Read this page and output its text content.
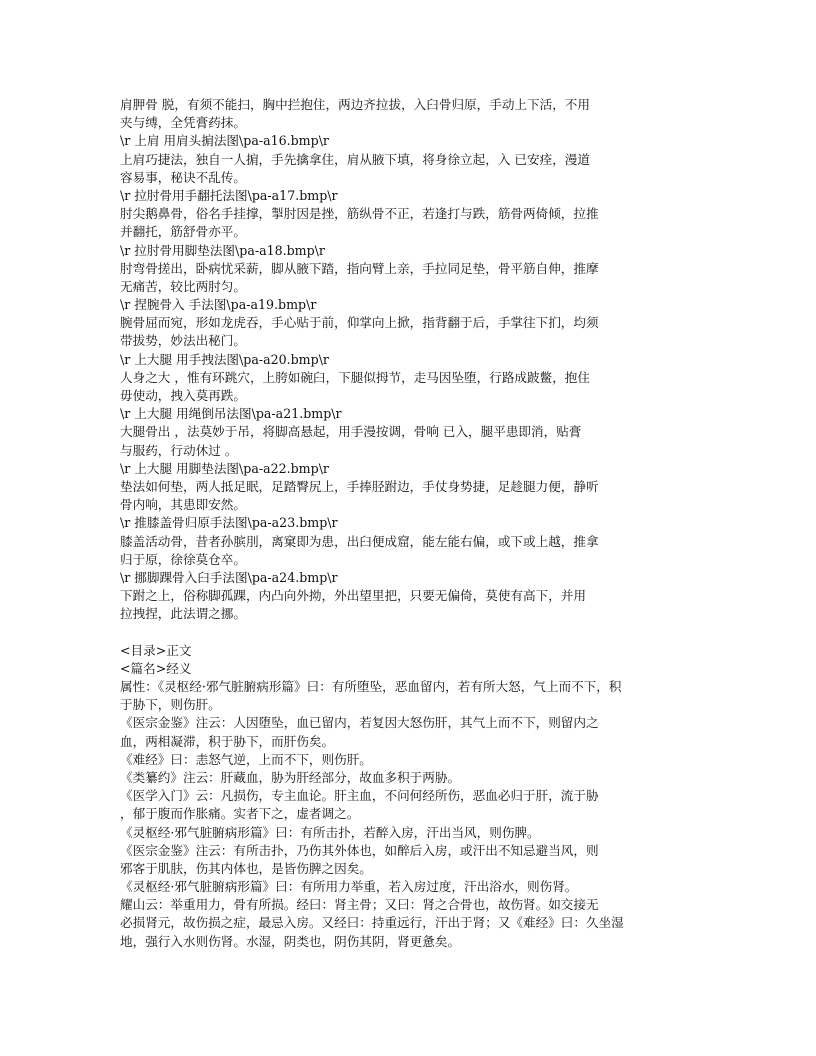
肩胛骨 脱，有须不能扫，胸中拦抱住，两边齐拉拔，入臼骨归原，手动上下活，不用
夹与缚，全凭膏药抹。
\r 上肩 用肩头掮法图\pa-a16.bmp\r
上肩巧捷法，独自一人掮，手先擒拿住，肩从腋下填，将身徐立起，入 已安痊，漫道
容易事，秘诀不乱传。
\r 拉肘骨用手翻托法图\pa-a17.bmp\r
肘尖鹅鼻骨，俗名手挂撑，掣肘因是挫，筋纵骨不正，若逢打与跌，筋骨两倚倾，拉推
并翻托，筋舒骨亦平。
\r 拉肘骨用脚垫法图\pa-a18.bmp\r
肘弯骨搓出，卧病忧采薪，脚从腋下踏，指向臂上亲，手拉同足垫，骨平筋自伸，推摩
无痛苦，较比两肘匀。
\r 捏腕骨入 手法图\pa-a19.bmp\r
腕骨屈而宛，形如龙虎吞，手心贴于前，仰掌向上掀，指背翻于后，手掌往下扪，均须
带拔势，妙法出秘门。
\r 上大腿 用手拽法图\pa-a20.bmp\r
人身之大 ，惟有环跳穴，上胯如碗臼，下腿似拇节，走马因坠堕，行路成跛鳖，抱住
毋使动，拽入莫再跌。
\r 上大腿 用绳倒吊法图\pa-a21.bmp\r
大腿骨出 ，法莫妙于吊，将脚高悬起，用手漫按调，骨响 已入，腿平患即消，贴膏
与服药，行动休过 。
\r 上大腿 用脚垫法图\pa-a22.bmp\r
垫法如何垫，两人抵足眠，足踏臀尻上，手捧胫跗边，手仗身势捷，足趁腿力便，静听
骨内响，其患即安然。
\r 推膝盖骨归原手法图\pa-a23.bmp\r
膝盖活动骨，昔者孙膑刖，离窠即为患，出臼便成窟，能左能右偏，或下或上越，推拿
归于原，徐徐莫仓卒。
\r 挪脚踝骨入臼手法图\pa-a24.bmp\r
下跗之上，俗称脚孤踝，内凸向外拗，外出望里把，只要无偏倚，莫使有高下，并用
拉拽捏，此法谓之挪。
<目录>正文
<篇名>经义
属性：《灵枢经·邪气脏腑病形篇》曰：有所堕坠，恶血留内，若有所大怒，气上而不下，积
于胁下，则伤肝。
《医宗金鉴》注云：人因堕坠，血已留内，若复因大怒伤肝，其气上而不下，则留内之
血，两相凝滞，积于胁下，而肝伤矣。
《难经》曰：恚怒气逆，上而不下，则伤肝。
《类纂约》注云：肝藏血，胁为肝经部分，故血多积于两胁。
《医学入门》云：凡损伤，专主血论。肝主血，不问何经所伤，恶血必归于肝，流于胁
，郁于腹而作胀痛。实者下之，虚者调之。
《灵枢经·邪气脏腑病形篇》曰：有所击扑，若醉入房，汗出当风，则伤脾。
《医宗金鉴》注云：有所击扑，乃伤其外体也，如醉后入房，或汗出不知忌避当风，则
邪客于肌肤，伤其内体也，是皆伤脾之因矣。
《灵枢经·邪气脏腑病形篇》曰：有所用力举重，若入房过度，汗出浴水，则伤肾。
耀山云：举重用力，骨有所损。经曰：肾主骨；又曰：肾之合骨也，故伤肾。如交接无
必损肾元，故伤损之症，最忌入房。又经曰：持重远行，汗出于肾；又《难经》曰：久坐湿
地，强行入水则伤肾。水湿，阴类也，阴伤其阴，肾更惫矣。
